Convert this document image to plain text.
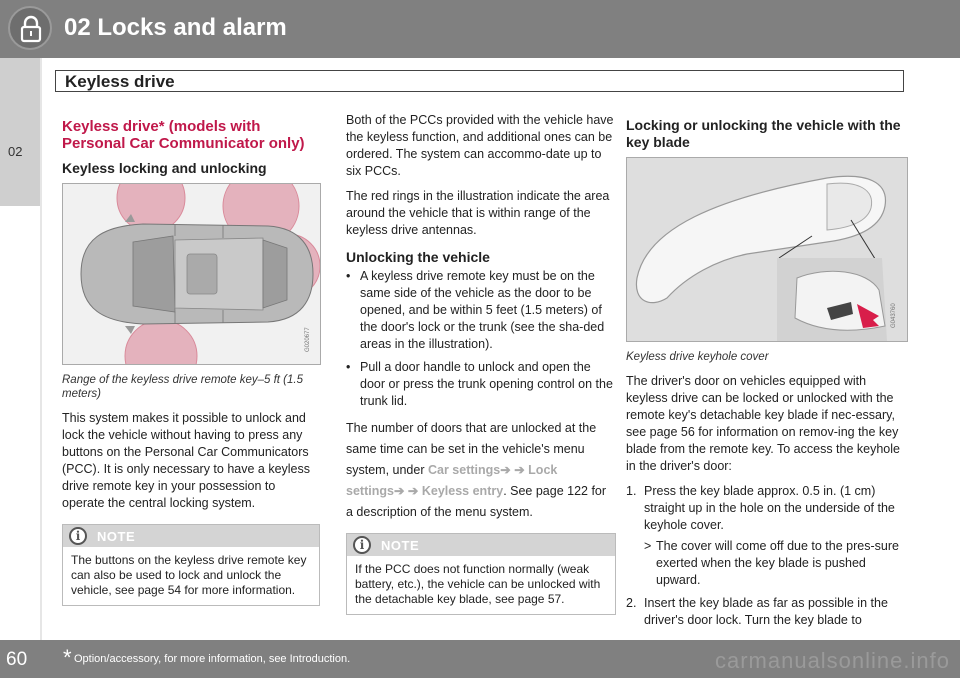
02 Locks and alarm
Keyless drive
02
Keyless drive* (models with Personal Car Communicator only)
Keyless locking and unlocking
G020677
Range of the keyless drive remote key–5 ft (1.5 meters)

This system makes it possible to unlock and lock the vehicle without having to press any buttons on the Personal Car Communicators (PCC). It is only necessary to have a keyless drive remote key in your possession to operate the central locking system.

i	NOTE
The buttons on the keyless drive remote key can also be used to lock and unlock the vehicle, see page 54 for more information.

Both of the PCCs provided with the vehicle have the keyless function, and additional ones can be ordered. The system can accommo-date up to six PCCs.

The red rings in the illustration indicate the area around the vehicle that is within range of the keyless drive antennas.

Unlocking the vehicle
• A keyless drive remote key must be on the same side of the vehicle as the door to be opened, and be within 5 feet (1.5 meters) of the door's lock or the trunk (see the sha-ded areas in the illustration).
• Pull a door handle to unlock and open the door or press the trunk opening control on the trunk lid.

The number of doors that are unlocked at the same time can be set in the vehicle's menu system, under Car settings➔ ➔ Lock settings➔ ➔ Keyless entry. See page 122 for a description of the menu system.

i	NOTE
If the PCC does not function normally (weak battery, etc.), the vehicle can be unlocked with the detachable key blade, see page 57.
Locking or unlocking the vehicle with the key blade
G043760
Keyless drive keyhole cover

The driver's door on vehicles equipped with keyless drive can be locked or unlocked with the remote key's detachable key blade if nec-essary, see page 56 for information on remov-ing the key blade from the remote key. To access the keyhole in the driver's door:

1. Press the key blade approx. 0.5 in. (1 cm) straight up in the hole on the underside of the keyhole cover.
> The cover will come off due to the pres-sure exerted when the key blade is pushed upward.
2. Insert the key blade as far as possible in the driver's door lock. Turn the key blade to
60 * Option/accessory, for more information, see Introduction.	carmanualsonline.info
